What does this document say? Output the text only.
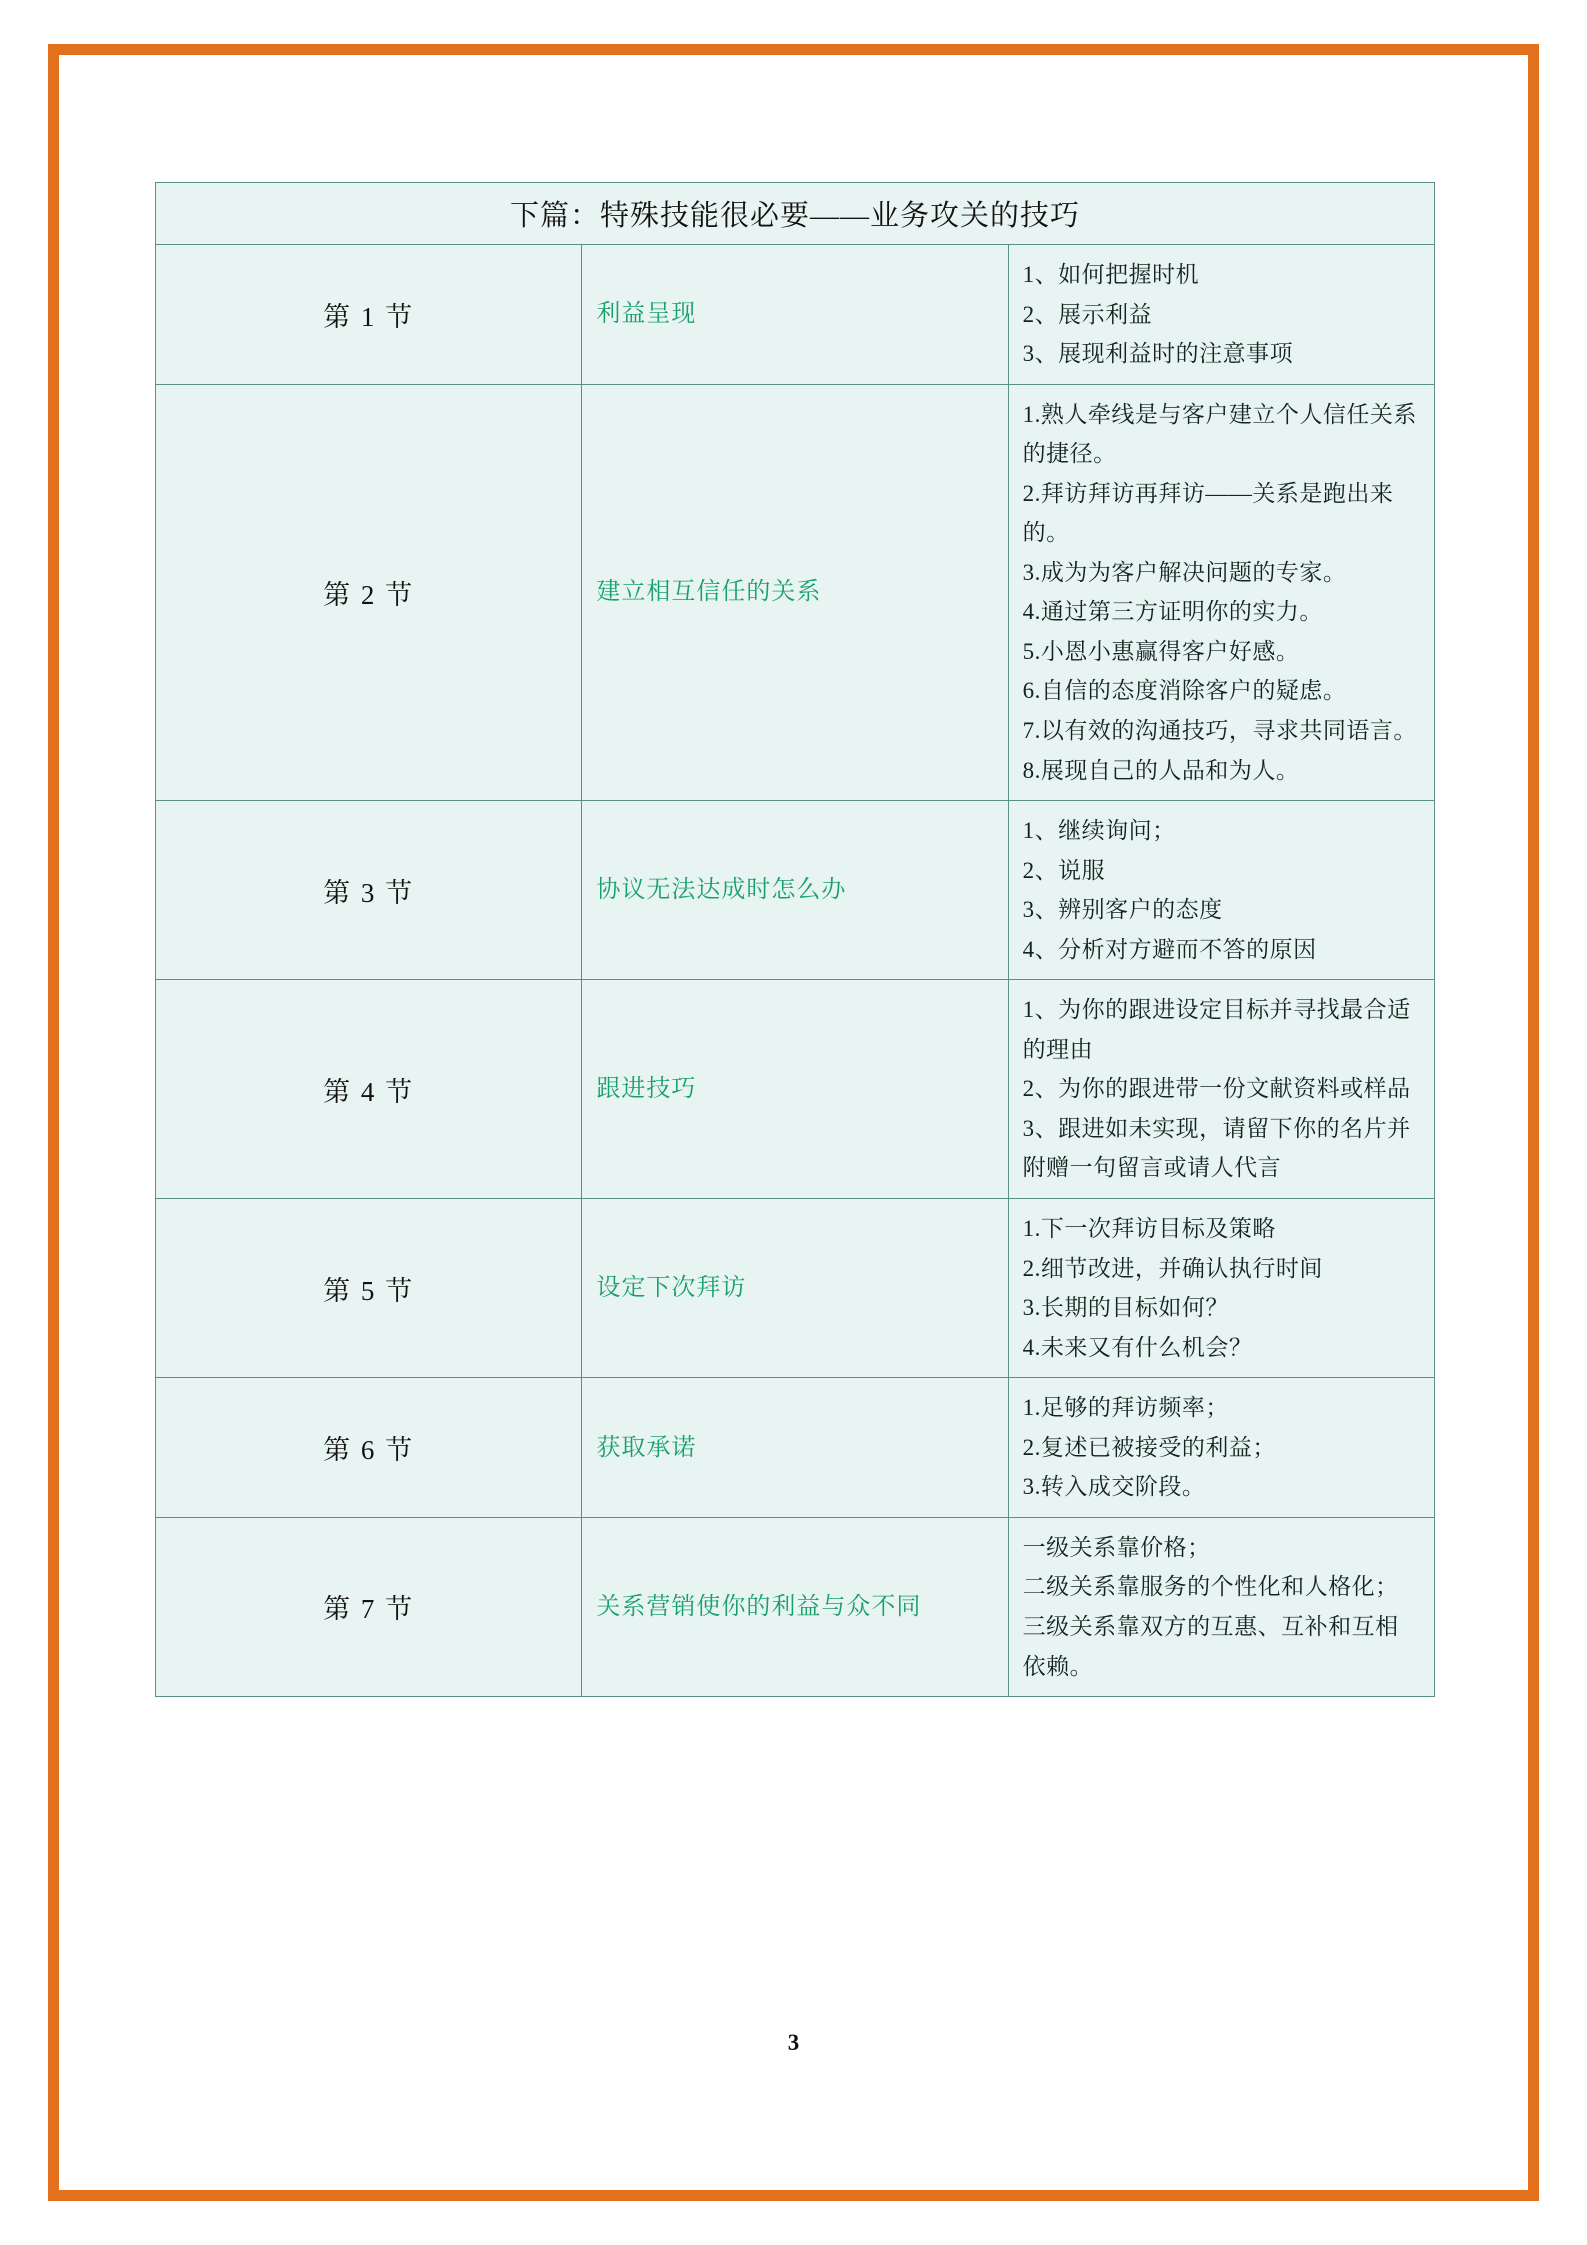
下篇：特殊技能很必要——业务攻关的技巧		
第 1 节	利益呈现	1、如何把握时机
2、展示利益
3、展现利益时的注意事项

第 2 节	建立相互信任的关系	
1.熟人牵线是与客户建立个人信任关系的捷径。
2.拜访拜访再拜访——关系是跑出来的。
3.成为为客户解决问题的专家。
4.通过第三方证明你的实力。
5.小恩小惠赢得客户好感。
6.自信的态度消除客户的疑虑。
7.以有效的沟通技巧，寻求共同语言。
8.展现自己的人品和为人。

第 3 节	协议无法达成时怎么办	1、继续询问；
2、说服
3、辨别客户的态度
4、分析对方避而不答的原因

第 4 节	跟进技巧	1、为你的跟进设定目标并寻找最合适的理由
2、为你的跟进带一份文献资料或样品
3、跟进如未实现，请留下你的名片并附赠一句留言或请人代言

第 5 节	设定下次拜访	1.下一次拜访目标及策略
2.细节改进，并确认执行时间
3.长期的目标如何？
4.未来又有什么机会？

第 6 节	获取承诺	1.足够的拜访频率；
2.复述已被接受的利益；
3.转入成交阶段。

第 7 节	关系营销使你的利益与众不同	一级关系靠价格；
二级关系靠服务的个性化和人格化；
三级关系靠双方的互惠、互补和互相依赖。
3
